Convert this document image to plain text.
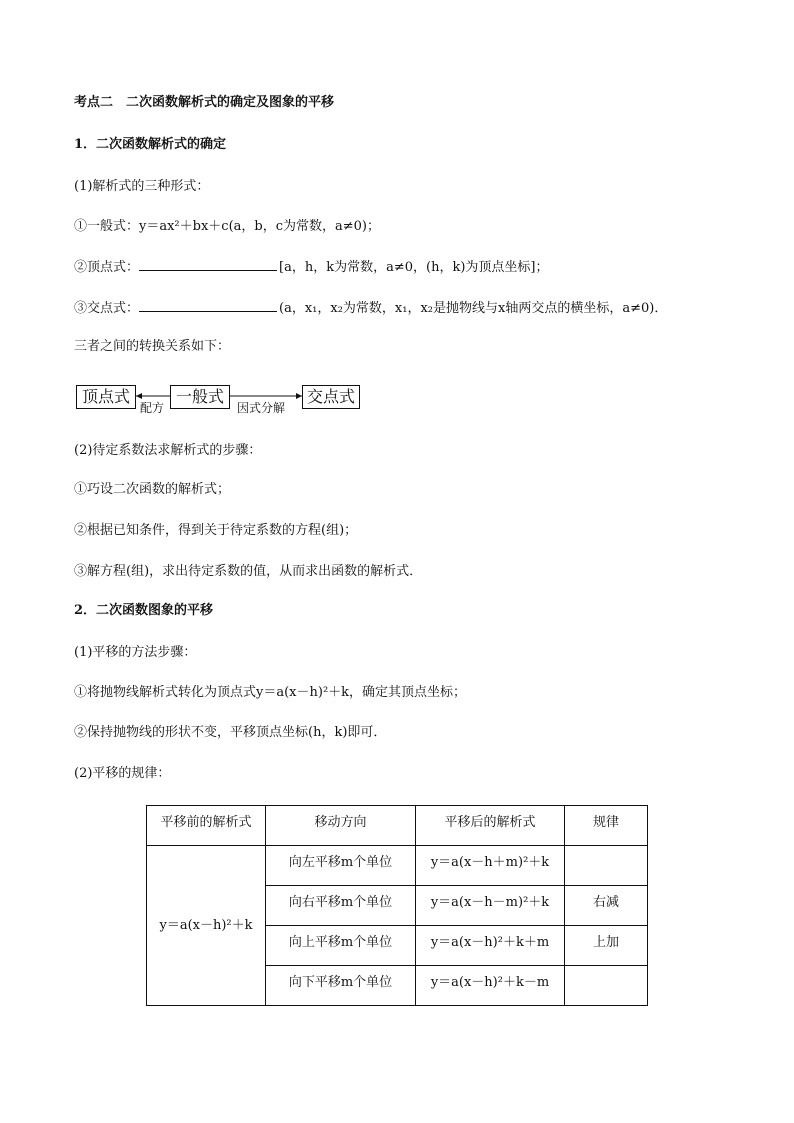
考点二　二次函数解析式的确定及图象的平移
1．二次函数解析式的确定
(1)解析式的三种形式：
①一般式：y＝ax²＋bx＋c(a，b，c为常数，a≠0)；
②顶点式：	[a，h，k为常数，a≠0，(h，k)为顶点坐标]；
③交点式：	(a，x₁，x₂为常数，x₁，x₂是抛物线与x轴两交点的横坐标，a≠0)．
三者之间的转换关系如下：
顶点式	一般式	交点式
配方	因式分解
(2)待定系数法求解析式的步骤：
①巧设二次函数的解析式；
②根据已知条件，得到关于待定系数的方程(组)；
③解方程(组)，求出待定系数的值，从而求出函数的解析式．
2．二次函数图象的平移
(1)平移的方法步骤：
①将抛物线解析式转化为顶点式y＝a(x－h)²＋k，确定其顶点坐标；
②保持抛物线的形状不变，平移顶点坐标(h，k)即可．
(2)平移的规律：
平移前的解析式	移动方向	平移后的解析式	规律

y＝a(x－h)²＋k	向左平移m个单位	y＝a(x－h＋m)²＋k	

	向右平移m个单位	y＝a(x－h－m)²＋k	右减

	向上平移m个单位	y＝a(x－h)²＋k＋m	上加

	向下平移m个单位	y＝a(x－h)²＋k－m	
